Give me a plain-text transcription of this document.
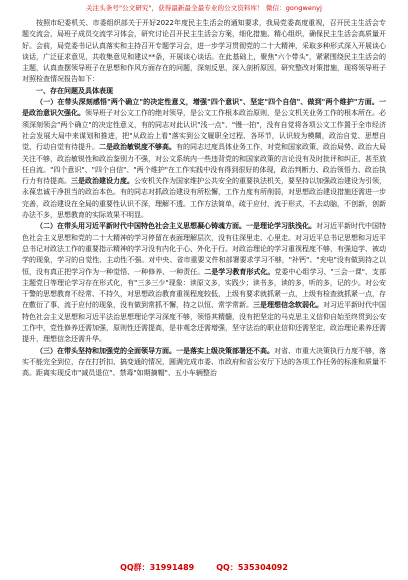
关注头条号"公文研究"，获得最新最全最专业的公文资料库！ 微信：gongwenyj

按照市纪委机关、市委组织部关于开好2022年度民主生活会的通知要求，我局党委高度重视，召开民主生活会专题交流会，局班子成员交流学习体会，研究讨论召开民主生活会方案，细化措施、精心组织，确保民主生活会高质量开好。会前，局党委书记认真落实和主持召开专题学习会，进一步学习贯彻党的二十大精神，采取多种形式深入开展谈心谈话，广泛征求意见，共收集意见和建议**条，开展谈心谈话。在此基础上，聚焦"六个带头"，紧紧围绕民主生活会的主题，认真查摆领导班子在思想和作风方面存在的问题，深刻反思，深入剖析原因，研究整改对策措施，现将领导班子对照检查情况报告如下：

一、存在问题及具体表现

（一）在带头深刻感悟"两个确立"的决定性意义，增强"四个意识"、坚定"四个自信"、做到"两个维护"方面。一是政治意识欠强化。领导班子对公文工作的绝对领导，是公文工作根本政治原则，是公文机关业务工作的根本所在。必须深刻领会"两个确立"的决定性意义，有的同志对此认识"浅一点"、"慢一拍"，没有自觉将各项公文工作置于全市经济社会发展大局中来谋划和推进，把"从政治上看"落实到公文履职全过程、各环节，认识较为模糊，政治自觉、思想自觉、行动自觉有待提升。二是政治敏锐度不够高。有的同志过度具体业务工作，对党和国家政策、政治局势、政治大局关注不够，政治敏锐性和政治鉴别力不强，对公文系统内一些违背党的和国家政策的言论没有及时批评和纠正，甚至放任自流。"四个意识"、"四个自信"、"两个维护"在工作实践中没有得到很好的体现，政治判断力、政治领悟力、政治执行力有待提高。三是政治建设力度。公安机关作为国家维护公共安全的重要执法机关，要坚持以加强政治建设为引领，永葆忠诚干净担当的政治本色。有的同志对抓政治建设有所松懈，工作力度有所削弱，对思想政治建设措施还需进一步完善，政治建设在全局的重要性认识不深，理解不透。工作方法简单，疏于应付，流于形式，不去动脑，不创新，创新办法不多，思想教育的实际效果不明显。

（二）在带头用习近平新时代中国特色社会主义思想凝心铸魂方面。一是理论学习肤浅化。对习近平新时代中国特色社会主义思想和党的二十大精神的学习停留在表面理解层次，没有往深里走、心里走。对习近平总书记思想和习近平总书记对政法工作的重要指示精神的学习没有内化于心、外化于行。对政治理论的学习重视程度不够，有强迫学、被动学的现象，学习的自觉性、主动性不强。对中央、省市重要文件和部署要求学习不够，"补钙"、"充电"没有做到持之以恒，没有真正把学习作为一种觉悟、一种修养、一种责任。二是学习教育形式化。党委中心组学习、"三会一课"、支部主题党日等理论学习存在形式化，有"三多三少"现象：读原文多，实践少；读书多，读的多，听的多，记的少。对公安干警的思想教育不经常、不持久，对思想政治教育重视程度较低，上级有要求就抓紧一点，上级有检查就抓紧一点，存在敷衍了事，流于应付的现象，没有做到常抓不懈，持之以恒、常学常新。三是理想信念软弱化。对习近平新时代中国特色社会主义思想和习近平法治思想理论学习深度不够，领悟其精髓，没有把坚定的马克思主义信仰自始至终贯到公安工作中，党性修养还需加强，原则性还需提高，是非观念还需增强，坚守法治的职业信仰还需坚定，政治理论素养还需提升，理想信念还需升华。

（三）在带头坚持和加强党的全面领导方面。一是落实上级决策部署还不高。对省、市重大决策执行力度不够，落实不能完全到位，存在打折扣、搞变通的情况，圆满完成市委、市政府和省公安厅下达的各项工作任务的标准和质量不高。距离实现反市"减员退位"、禁毒"如期摘帽"、五小车辆整治

QQ群：31991489	QQ：535304092
